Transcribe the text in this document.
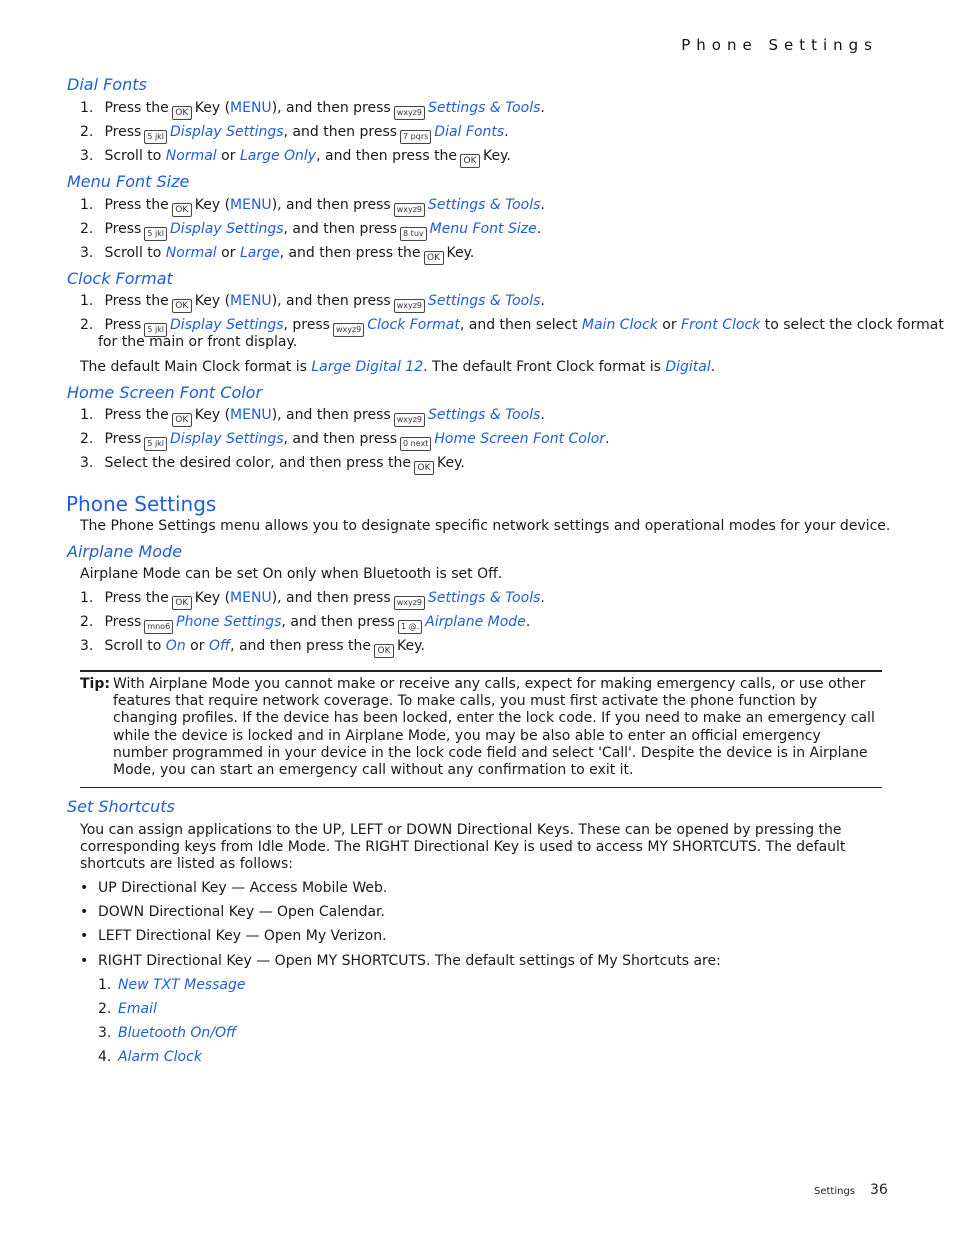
Phone Settings
Dial Fonts
1. Press the OK Key (MENU), and then press wxyz9 Settings & Tools.
2. Press 5 jkl Display Settings, and then press 7 pqrs Dial Fonts.
3. Scroll to Normal or Large Only, and then press the OK Key.
Menu Font Size
1. Press the OK Key (MENU), and then press wxyz9 Settings & Tools.
2. Press 5 jkl Display Settings, and then press 8 tuv Menu Font Size.
3. Scroll to Normal or Large, and then press the OK Key.
Clock Format
1. Press the OK Key (MENU), and then press wxyz9 Settings & Tools.
2. Press 5 jkl Display Settings, press wxyz9 Clock Format, and then select Main Clock or Front Clock to select the clock format
for the main or front display.
The default Main Clock format is Large Digital 12. The default Front Clock format is Digital.
Home Screen Font Color
1. Press the OK Key (MENU), and then press wxyz9 Settings & Tools.
2. Press 5 jkl Display Settings, and then press 0 next Home Screen Font Color.
3. Select the desired color, and then press the OK Key.
Phone Settings
The Phone Settings menu allows you to designate specific network settings and operational modes for your device.
Airplane Mode
Airplane Mode can be set On only when Bluetooth is set Off.
1. Press the OK Key (MENU), and then press wxyz9 Settings & Tools.
2. Press mno6 Phone Settings, and then press 1 @. Airplane Mode.
3. Scroll to On or Off, and then press the OK Key.
Tip: With Airplane Mode you cannot make or receive any calls, expect for making emergency calls, or use other features that require network coverage. To make calls, you must first activate the phone function by changing profiles. If the device has been locked, enter the lock code. If you need to make an emergency call while the device is locked and in Airplane Mode, you may be also able to enter an official emergency number programmed in your device in the lock code field and select 'Call'. Despite the device is in Airplane Mode, you can start an emergency call without any confirmation to exit it.
Set Shortcuts
You can assign applications to the UP, LEFT or DOWN Directional Keys. These can be opened by pressing the corresponding keys from Idle Mode. The RIGHT Directional Key is used to access MY SHORTCUTS. The default shortcuts are listed as follows:
• UP Directional Key — Access Mobile Web.
• DOWN Directional Key — Open Calendar.
• LEFT Directional Key — Open My Verizon.
• RIGHT Directional Key — Open MY SHORTCUTS. The default settings of My Shortcuts are:
1. New TXT Message
2. Email
3. Bluetooth On/Off
4. Alarm Clock
Settings 36
